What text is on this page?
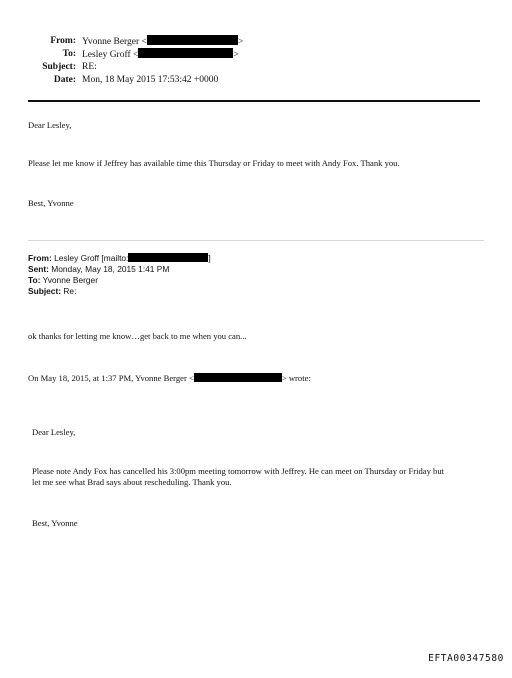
From: Yvonne Berger <	>
To: Lesley Groff <	>
Subject: RE:
Date: Mon, 18 May 2015 17:53:42 +0000
Dear Lesley,
Please let me know if Jeffrey has available time this Thursday or Friday to meet with Andy Fox. Thank you.
Best, Yvonne
From: Lesley Groff [mailto:	]
Sent: Monday, May 18, 2015 1:41 PM
To: Yvonne Berger
Subject: Re:
ok thanks for letting me know…get back to me when you can...
On May 18, 2015, at 1:37 PM, Yvonne Berger <	> wrote:
Dear Lesley,
Please note Andy Fox has cancelled his 3:00pm meeting tomorrow with Jeffrey. He can meet on Thursday or Friday but
let me see what Brad says about rescheduling. Thank you.
Best, Yvonne
EFTA00347580
